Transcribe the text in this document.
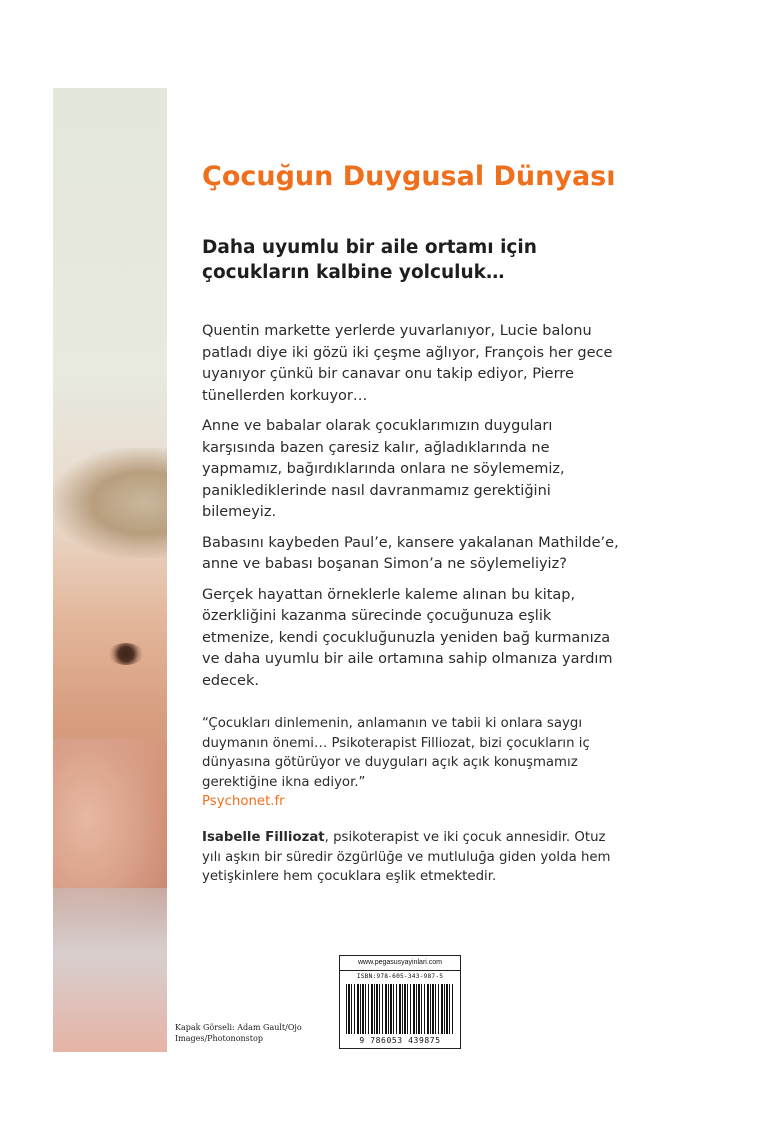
Çocuğun Duygusal Dünyası
Daha uyumlu bir aile ortamı için çocukların kalbine yolculuk…

Quentin markette yerlerde yuvarlanıyor, Lucie balonu patladı diye iki gözü iki çeşme ağlıyor, François her gece uyanıyor çünkü bir canavar onu takip ediyor, Pierre tünellerden korkuyor…

Anne ve babalar olarak çocuklarımızın duyguları karşısında bazen çaresiz kalır, ağladıklarında ne yapmamız, bağırdıklarında onlara ne söylememiz, paniklediklerinde nasıl davranmamız gerektiğini bilemeyiz.

Babasını kaybeden Paul’e, kansere yakalanan Mathilde’e, anne ve babası boşanan Simon’a ne söylemeliyiz?

Gerçek hayattan örneklerle kaleme alınan bu kitap, özerkliğini kazanma sürecinde çocuğunuza eşlik etmenize, kendi çocukluğunuzla yeniden bağ kurmanıza ve daha uyumlu bir aile ortamına sahip olmanıza yardım edecek.

“Çocukları dinlemenin, anlamanın ve tabii ki onlara saygı duymanın önemi… Psikoterapist Filliozat, bizi çocukların iç dünyasına götürüyor ve duyguları açık açık konuşmamız gerektiğine ikna ediyor.”
Psychonet.fr

Isabelle Filliozat, psikoterapist ve iki çocuk annesidir. Otuz yılı aşkın bir süredir özgürlüğe ve mutluluğa giden yolda hem yetişkinlere hem çocuklara eşlik etmektedir.

Kapak Görseli: Adam Gault/Ojo Images/Photononstop

www.pegasusyayinlari.com
ISBN:978-605-343-987-5
9 786053 439875
